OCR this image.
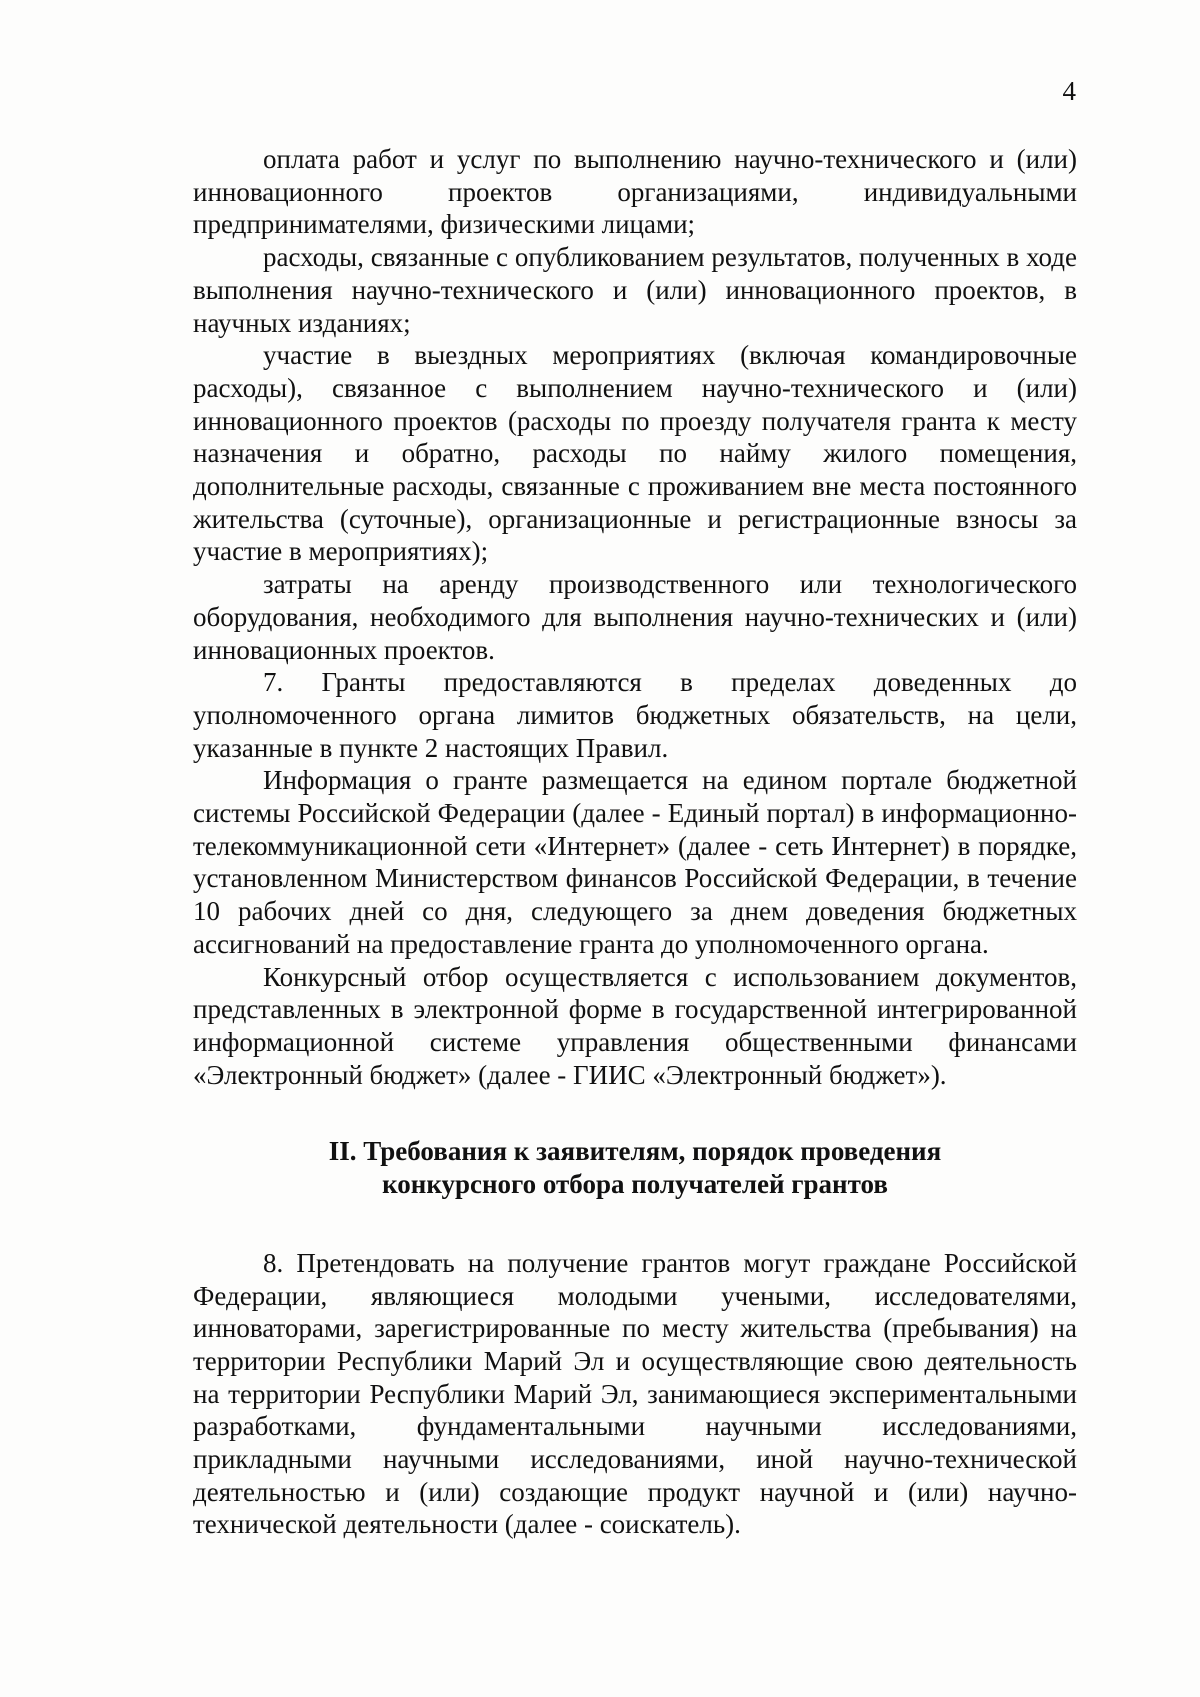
4

оплата работ и услуг по выполнению научно-технического и (или) инновационного проектов организациями, индивидуальными предпринимателями, физическими лицами;

расходы, связанные с опубликованием результатов, полученных в ходе выполнения научно-технического и (или) инновационного проектов, в научных изданиях;

участие в выездных мероприятиях (включая командировочные расходы), связанное с выполнением научно-технического и (или) инновационного проектов (расходы по проезду получателя гранта к месту назначения и обратно, расходы по найму жилого помещения, дополнительные расходы, связанные с проживанием вне места постоянного жительства (суточные), организационные и регистрационные взносы за участие в мероприятиях);

затраты на аренду производственного или технологического оборудования, необходимого для выполнения научно-технических и (или) инновационных проектов.

7. Гранты предоставляются в пределах доведенных до уполномоченного органа лимитов бюджетных обязательств, на цели, указанные в пункте 2 настоящих Правил.

Информация о гранте размещается на едином портале бюджетной системы Российской Федерации (далее - Единый портал) в информационно-телекоммуникационной сети «Интернет» (далее - сеть Интернет) в порядке, установленном Министерством финансов Российской Федерации, в течение 10 рабочих дней со дня, следующего за днем доведения бюджетных ассигнований на предоставление гранта до уполномоченного органа.

Конкурсный отбор осуществляется с использованием документов, представленных в электронной форме в государственной интегрированной информационной системе управления общественными финансами «Электронный бюджет» (далее - ГИИС «Электронный бюджет»).

II. Требования к заявителям, порядок проведения
конкурсного отбора получателей грантов

8. Претендовать на получение грантов могут граждане Российской Федерации, являющиеся молодыми учеными, исследователями, инноваторами, зарегистрированные по месту жительства (пребывания) на территории Республики Марий Эл и осуществляющие свою деятельность на территории Республики Марий Эл, занимающиеся экспериментальными разработками, фундаментальными научными исследованиями, прикладными научными исследованиями, иной научно-технической деятельностью и (или) создающие продукт научной и (или) научно-технической деятельности (далее - соискатель).
